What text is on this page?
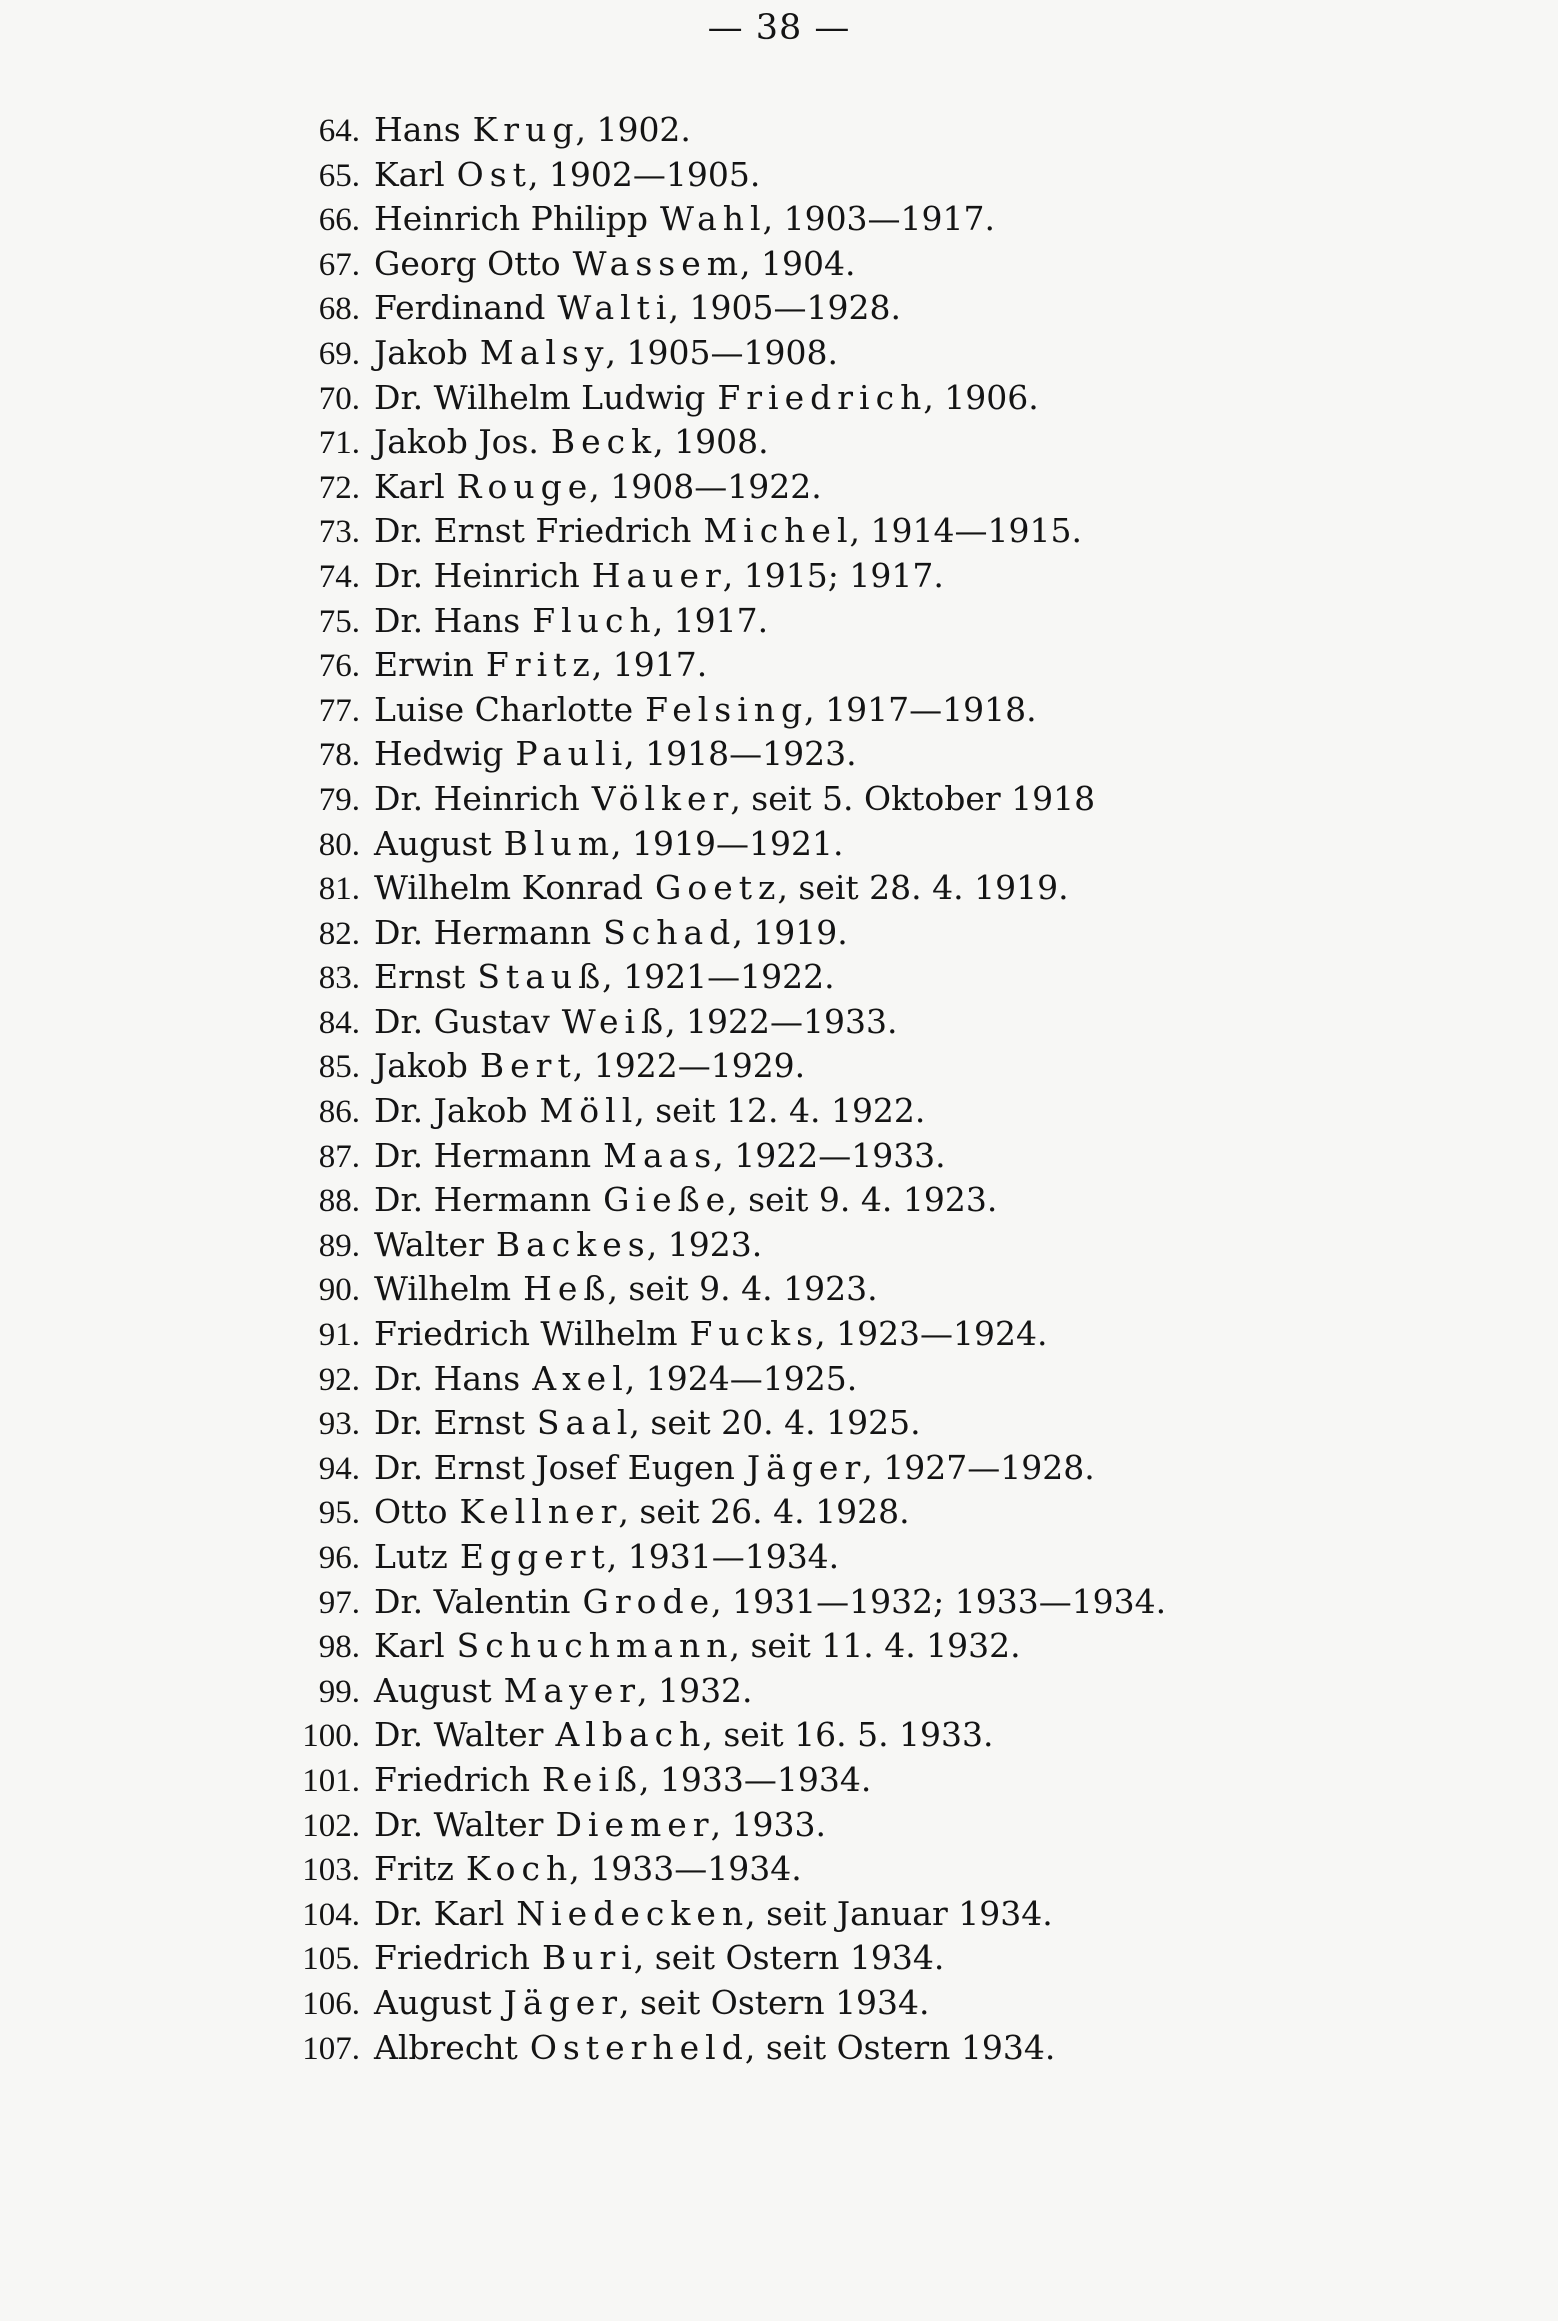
— 38 —
64. Hans Krug
, 1902.
65. Karl Ost
, 1902—1905.
66. Heinrich Philipp Wahl
, 1903—1917.
67. Georg Otto Wassem
, 1904.
68. Ferdinand Walti
, 1905—1928.
69. Jakob Malsy
, 1905—1908.
70. Dr. Wilhelm Ludwig Friedrich
, 1906.
71. Jakob Jos. Beck
, 1908.
72. Karl Rouge
, 1908—1922.
73. Dr. Ernst Friedrich Michel
, 1914—1915.
74. Dr. Heinrich Hauer
, 1915; 1917.
75. Dr. Hans Fluch
, 1917.
76. Erwin Fritz
, 1917.
77. Luise Charlotte Felsing
, 1917—1918.
78. Hedwig Pauli
, 1918—1923.
79. Dr. Heinrich Völker
, seit 5. Oktober 1918
80. August Blum
, 1919—1921.
81. Wilhelm Konrad Goetz
, seit 28. 4. 1919.
82. Dr. Hermann Schad
, 1919.
83. Ernst Stauß
, 1921—1922.
84. Dr. Gustav Weiß
, 1922—1933.
85. Jakob Bert
, 1922—1929.
86. Dr. Jakob Möll
, seit 12. 4. 1922.
87. Dr. Hermann Maas
, 1922—1933.
88. Dr. Hermann Gieße
, seit 9. 4. 1923.
89. Walter Backes
, 1923.
90. Wilhelm Heß
, seit 9. 4. 1923.
91. Friedrich Wilhelm Fucks
, 1923—1924.
92. Dr. Hans Axel
, 1924—1925.
93. Dr. Ernst Saal
, seit 20. 4. 1925.
94. Dr. Ernst Josef Eugen Jäger
, 1927—1928.
95. Otto Kellner
, seit 26. 4. 1928.
96. Lutz Eggert
, 1931—1934.
97. Dr. Valentin Grode
, 1931—1932; 1933—1934.
98. Karl Schuchmann
, seit 11. 4. 1932.
99. August Mayer
, 1932.
100. Dr. Walter Albach
, seit 16. 5. 1933.
101. Friedrich Reiß
, 1933—1934.
102. Dr. Walter Diemer
, 1933.
103. Fritz Koch
, 1933—1934.
104. Dr. Karl Niedecken
, seit Januar 1934.
105. Friedrich Buri
, seit Ostern 1934.
106. August Jäger
, seit Ostern 1934.
107. Albrecht Osterheld
, seit Ostern 1934.
